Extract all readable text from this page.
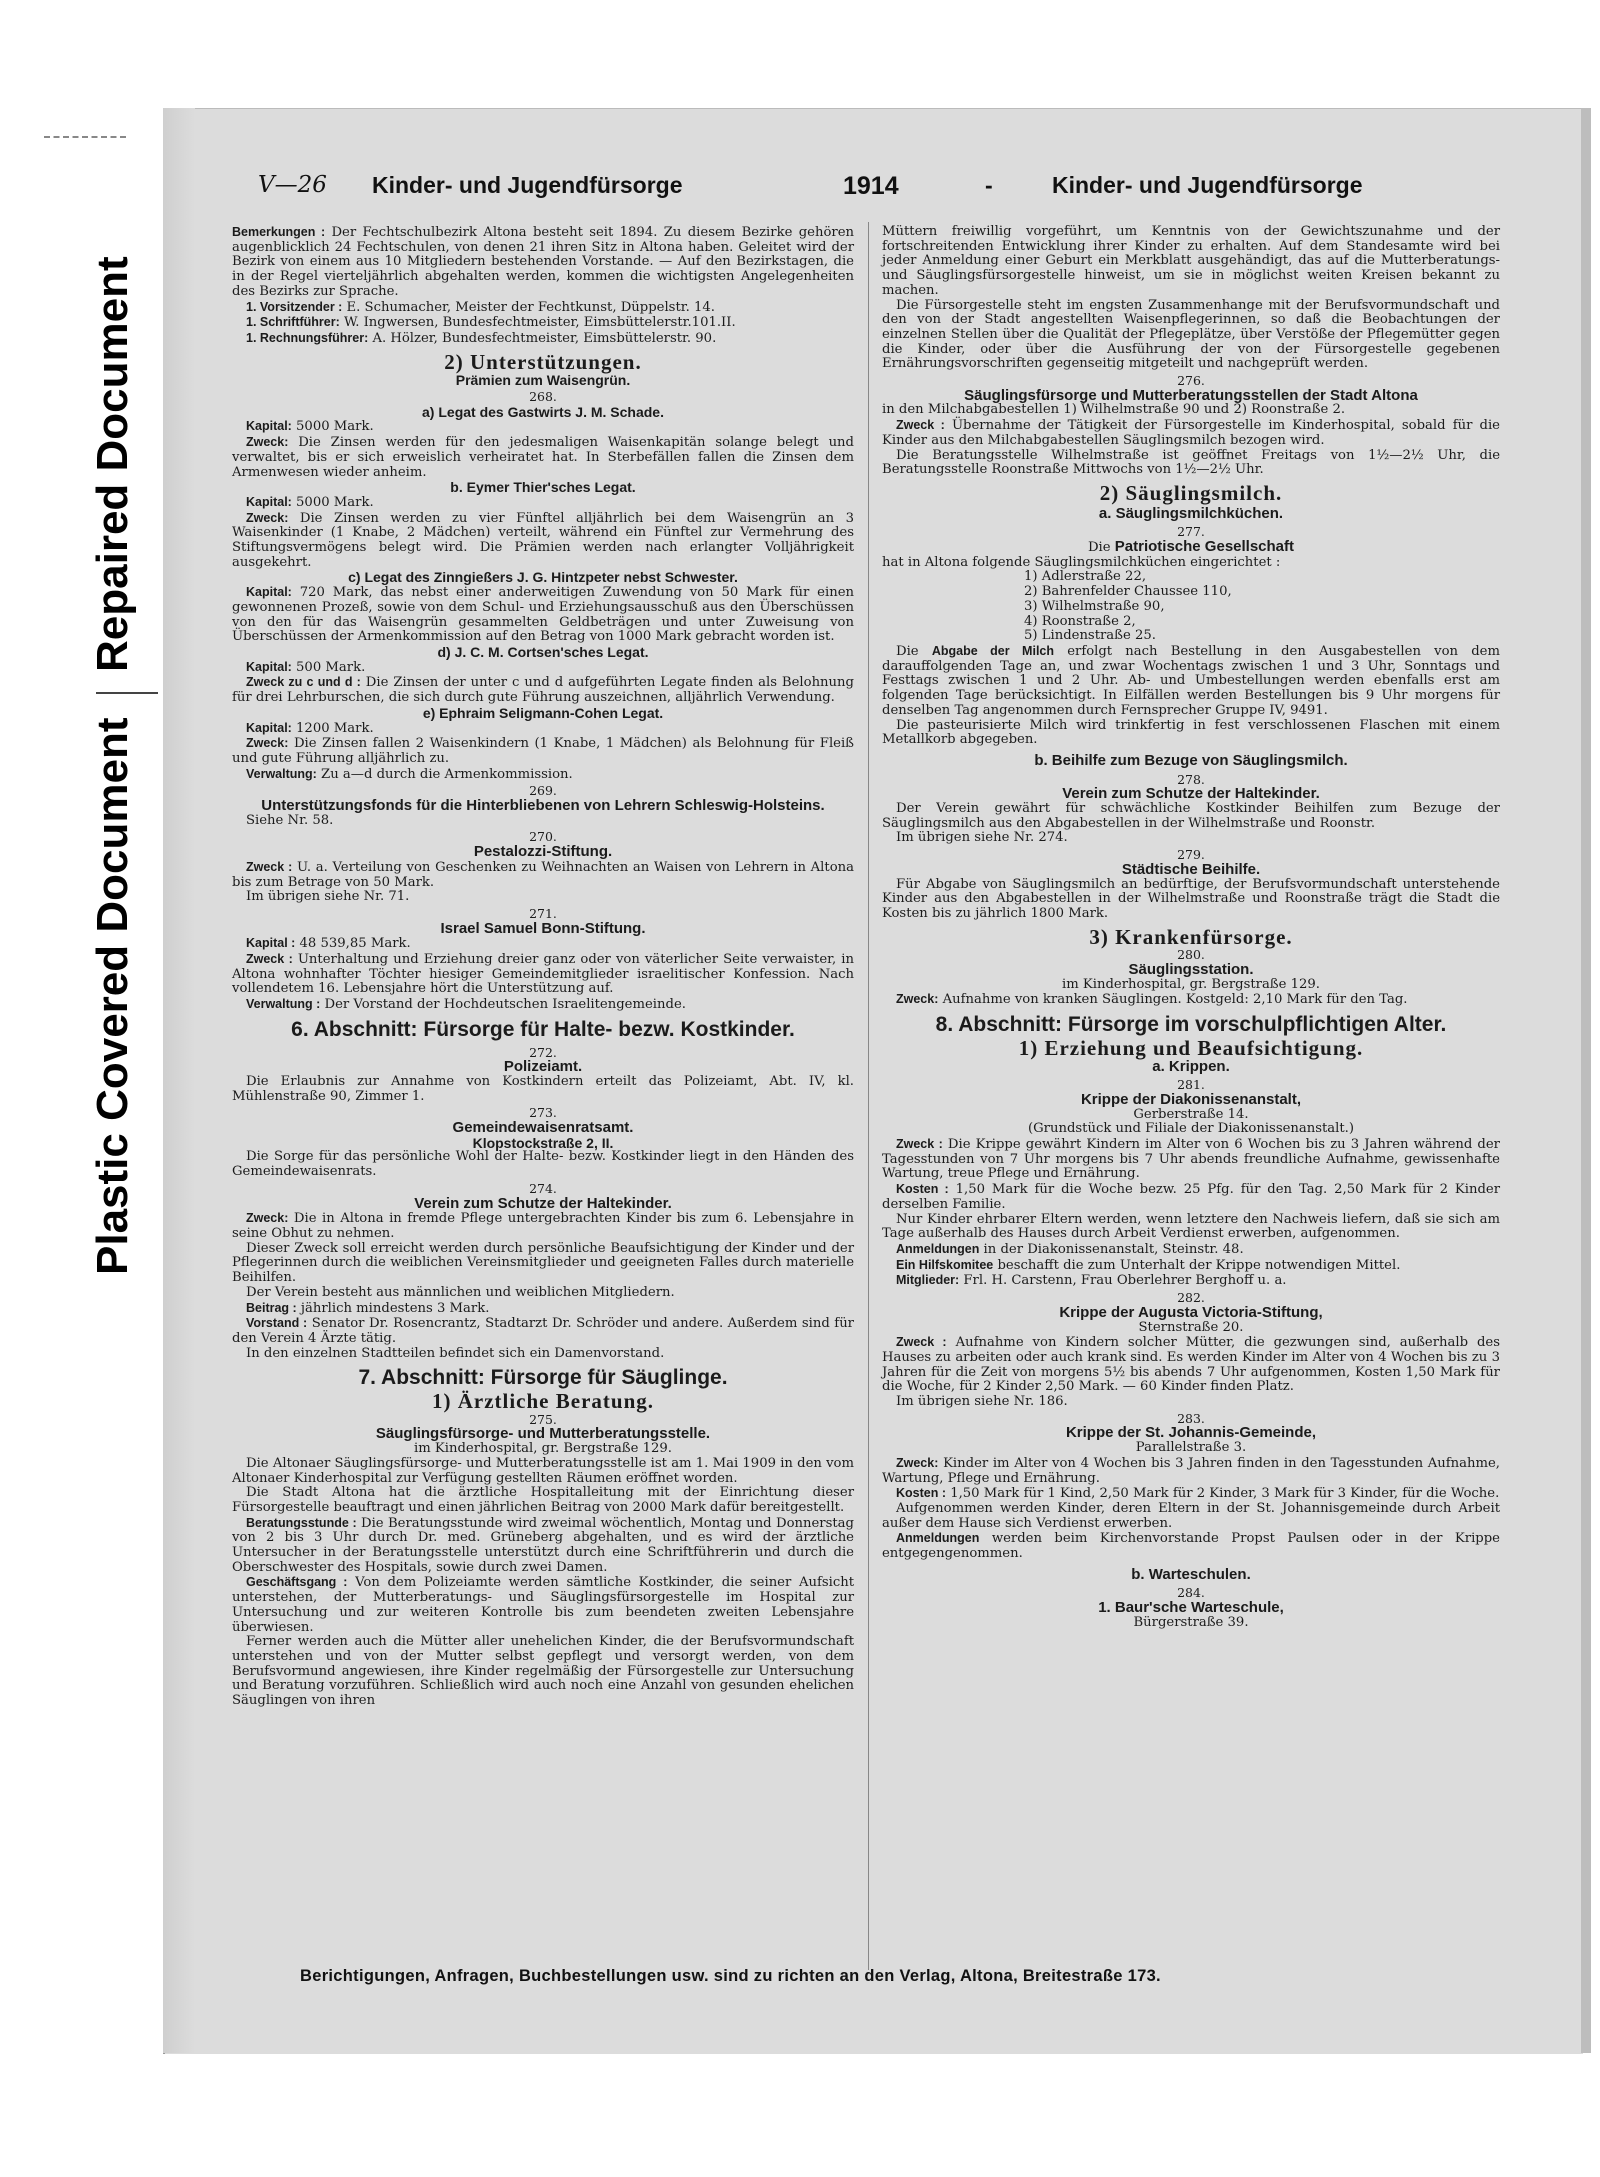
Repaired Document
Plastic Covered Document
V—26 Kinder- und Jugendfürsorge	1914	-	Kinder- und Jugendfürsorge

Bemerkungen : Der Fechtschulbezirk Altona besteht seit 1894. Zu diesem Bezirke gehören augenblicklich 24 Fechtschulen, von denen 21 ihren Sitz in Altona haben. Geleitet wird der Bezirk von einem aus 10 Mitgliedern bestehenden Vorstande. — Auf den Bezirkstagen, die in der Regel vierteljährlich abgehalten werden, kommen die wichtigsten Angelegenheiten des Bezirks zur Sprache.

1. Vorsitzender : E. Schumacher, Meister der Fechtkunst, Düppelstr. 14.

1. Schriftführer: W. Ingwersen, Bundesfechtmeister, Eimsbüttelerstr.101.II.

1. Rechnungsführer: A. Hölzer, Bundesfechtmeister, Eimsbüttelerstr. 90.

2) Unterstützungen.
Prämien zum Waisengrün.
268.
a) Legat des Gastwirts J. M. Schade.

Kapital: 5000 Mark.

Zweck: Die Zinsen werden für den jedesmaligen Waisenkapitän solange belegt und verwaltet, bis er sich erweislich verheiratet hat. In Sterbefällen fallen die Zinsen dem Armenwesen wieder anheim.

b. Eymer Thier'sches Legat.

Kapital: 5000 Mark.

Zweck: Die Zinsen werden zu vier Fünftel alljährlich bei dem Waisengrün an 3 Waisenkinder (1 Knabe, 2 Mädchen) verteilt, während ein Fünftel zur Vermehrung des Stiftungsvermögens belegt wird. Die Prämien werden nach erlangter Volljährigkeit ausgekehrt.

c) Legat des Zinngießers J. G. Hintzpeter nebst Schwester.

Kapital: 720 Mark, das nebst einer anderweitigen Zuwendung von 50 Mark für einen gewonnenen Prozeß, sowie von dem Schul- und Erziehungsausschuß aus den Überschüssen von den für das Waisengrün gesammelten Geldbeträgen und unter Zuweisung von Überschüssen der Armenkommission auf den Betrag von 1000 Mark gebracht worden ist.

d) J. C. M. Cortsen'sches Legat.

Kapital: 500 Mark.

Zweck zu c und d : Die Zinsen der unter c und d aufgeführten Legate finden als Belohnung für drei Lehrburschen, die sich durch gute Führung auszeichnen, alljährlich Verwendung.

e) Ephraim Seligmann-Cohen Legat.

Kapital: 1200 Mark.

Zweck: Die Zinsen fallen 2 Waisenkindern (1 Knabe, 1 Mädchen) als Belohnung für Fleiß und gute Führung alljährlich zu.

Verwaltung: Zu a—d durch die Armenkommission.

269.
Unterstützungsfonds für die Hinterbliebenen von Lehrern Schleswig-Holsteins.

Siehe Nr. 58.

270.
Pestalozzi-Stiftung.

Zweck : U. a. Verteilung von Geschenken zu Weihnachten an Waisen von Lehrern in Altona bis zum Betrage von 50 Mark.

Im übrigen siehe Nr. 71.

271.
Israel Samuel Bonn-Stiftung.

Kapital : 48 539,85 Mark.

Zweck : Unterhaltung und Erziehung dreier ganz oder von väterlicher Seite verwaister, in Altona wohnhafter Töchter hiesiger Gemeindemitglieder israelitischer Konfession. Nach vollendetem 16. Lebensjahre hört die Unterstützung auf.

Verwaltung : Der Vorstand der Hochdeutschen Israelitengemeinde.

6. Abschnitt: Fürsorge für Halte- bezw. Kostkinder.
272.
Polizeiamt.

Die Erlaubnis zur Annahme von Kostkindern erteilt das Polizeiamt, Abt. IV, kl. Mühlenstraße 90, Zimmer 1.

273.
Gemeindewaisenratsamt.
Klopstockstraße 2, II.

Die Sorge für das persönliche Wohl der Halte- bezw. Kostkinder liegt in den Händen des Gemeindewaisenrats.

274.
Verein zum Schutze der Haltekinder.

Zweck: Die in Altona in fremde Pflege untergebrachten Kinder bis zum 6. Lebensjahre in seine Obhut zu nehmen.

Dieser Zweck soll erreicht werden durch persönliche Beaufsichtigung der Kinder und der Pflegerinnen durch die weiblichen Vereinsmitglieder und geeigneten Falles durch materielle Beihilfen.

Der Verein besteht aus männlichen und weiblichen Mitgliedern.

Beitrag : jährlich mindestens 3 Mark.

Vorstand : Senator Dr. Rosencrantz, Stadtarzt Dr. Schröder und andere. Außerdem sind für den Verein 4 Ärzte tätig.

In den einzelnen Stadtteilen befindet sich ein Damenvorstand.

7. Abschnitt: Fürsorge für Säuglinge.
1) Ärztliche Beratung.
275.
Säuglingsfürsorge- und Mutterberatungsstelle.

im Kinderhospital, gr. Bergstraße 129.

Die Altonaer Säuglingsfürsorge- und Mutterberatungsstelle ist am 1. Mai 1909 in den vom Altonaer Kinderhospital zur Verfügung gestellten Räumen eröffnet worden.

Die Stadt Altona hat die ärztliche Hospitalleitung mit der Einrichtung dieser Fürsorgestelle beauftragt und einen jährlichen Beitrag von 2000 Mark dafür bereitgestellt.

Beratungsstunde : Die Beratungsstunde wird zweimal wöchentlich, Montag und Donnerstag von 2 bis 3 Uhr durch Dr. med. Grüneberg abgehalten, und es wird der ärztliche Untersucher in der Beratungsstelle unterstützt durch eine Schriftführerin und durch die Oberschwester des Hospitals, sowie durch zwei Damen.

Geschäftsgang : Von dem Polizeiamte werden sämtliche Kostkinder, die seiner Aufsicht unterstehen, der Mutterberatungs- und Säuglingsfürsorgestelle im Hospital zur Untersuchung und zur weiteren Kontrolle bis zum beendeten zweiten Lebensjahre überwiesen.

Ferner werden auch die Mütter aller unehelichen Kinder, die der Berufsvormundschaft unterstehen und von der Mutter selbst gepflegt und versorgt werden, von dem Berufsvormund angewiesen, ihre Kinder regelmäßig der Fürsorgestelle zur Untersuchung und Beratung vorzuführen. Schließlich wird auch noch eine Anzahl von gesunden ehelichen Säuglingen von ihren

Müttern freiwillig vorgeführt, um Kenntnis von der Gewichtszunahme und der fortschreitenden Entwicklung ihrer Kinder zu erhalten. Auf dem Standesamte wird bei jeder Anmeldung einer Geburt ein Merkblatt ausgehändigt, das auf die Mutterberatungs- und Säuglingsfürsorgestelle hinweist, um sie in möglichst weiten Kreisen bekannt zu machen.

Die Fürsorgestelle steht im engsten Zusammenhange mit der Berufsvormundschaft und den von der Stadt angestellten Waisenpflegerinnen, so daß die Beobachtungen der einzelnen Stellen über die Qualität der Pflegeplätze, über Verstöße der Pflegemütter gegen die Kinder, oder über die Ausführung der von der Fürsorgestelle gegebenen Ernährungsvorschriften gegenseitig mitgeteilt und nachgeprüft werden.

276.
Säuglingsfürsorge und Mutterberatungsstellen der Stadt Altona

in den Milchabgabestellen 1) Wilhelmstraße 90 und 2) Roonstraße 2.

Zweck : Übernahme der Tätigkeit der Fürsorgestelle im Kinderhospital, sobald für die Kinder aus den Milchabgabestellen Säuglingsmilch bezogen wird.

Die Beratungsstelle Wilhelmstraße ist geöffnet Freitags von 1½—2½ Uhr, die Beratungsstelle Roonstraße Mittwochs von 1½—2½ Uhr.

2) Säuglingsmilch.
a. Säuglingsmilchküchen.
277.
Die Patriotische Gesellschaft

hat in Altona folgende Säuglingsmilchküchen eingerichtet :

1) Adlerstraße 22,
2) Bahrenfelder Chaussee 110,
3) Wilhelmstraße 90,
4) Roonstraße 2,
5) Lindenstraße 25.

Die Abgabe der Milch erfolgt nach Bestellung in den Ausgabestellen von dem darauffolgenden Tage an, und zwar Wochentags zwischen 1 und 3 Uhr, Sonntags und Festtags zwischen 1 und 2 Uhr. Ab- und Umbestellungen werden ebenfalls erst am folgenden Tage berücksichtigt. In Eilfällen werden Bestellungen bis 9 Uhr morgens für denselben Tag angenommen durch Fernsprecher Gruppe IV, 9491.

Die pasteurisierte Milch wird trinkfertig in fest verschlossenen Flaschen mit einem Metallkorb abgegeben.

b. Beihilfe zum Bezuge von Säuglingsmilch.
278.
Verein zum Schutze der Haltekinder.

Der Verein gewährt für schwächliche Kostkinder Beihilfen zum Bezuge der Säuglingsmilch aus den Abgabestellen in der Wilhelmstraße und Roonstr.

Im übrigen siehe Nr. 274.

279.
Städtische Beihilfe.

Für Abgabe von Säuglingsmilch an bedürftige, der Berufsvormundschaft unterstehende Kinder aus den Abgabestellen in der Wilhelmstraße und Roonstraße trägt die Stadt die Kosten bis zu jährlich 1800 Mark.

3) Krankenfürsorge.
280.
Säuglingsstation.

im Kinderhospital, gr. Bergstraße 129.

Zweck: Aufnahme von kranken Säuglingen. Kostgeld: 2,10 Mark für den Tag.

8. Abschnitt: Fürsorge im vorschulpflichtigen Alter.
1) Erziehung und Beaufsichtigung.
a. Krippen.
281.
Krippe der Diakonissenanstalt,

Gerberstraße 14.

(Grundstück und Filiale der Diakonissenanstalt.)

Zweck : Die Krippe gewährt Kindern im Alter von 6 Wochen bis zu 3 Jahren während der Tagesstunden von 7 Uhr morgens bis 7 Uhr abends freundliche Aufnahme, gewissenhafte Wartung, treue Pflege und Ernährung.

Kosten : 1,50 Mark für die Woche bezw. 25 Pfg. für den Tag. 2,50 Mark für 2 Kinder derselben Familie.

Nur Kinder ehrbarer Eltern werden, wenn letztere den Nachweis liefern, daß sie sich am Tage außerhalb des Hauses durch Arbeit Verdienst erwerben, aufgenommen.

Anmeldungen in der Diakonissenanstalt, Steinstr. 48.

Ein Hilfskomitee beschafft die zum Unterhalt der Krippe notwendigen Mittel.

Mitglieder: Frl. H. Carstenn, Frau Oberlehrer Berghoff u. a.

282.
Krippe der Augusta Victoria-Stiftung,

Sternstraße 20.

Zweck : Aufnahme von Kindern solcher Mütter, die gezwungen sind, außerhalb des Hauses zu arbeiten oder auch krank sind. Es werden Kinder im Alter von 4 Wochen bis zu 3 Jahren für die Zeit von morgens 5½ bis abends 7 Uhr aufgenommen, Kosten 1,50 Mark für die Woche, für 2 Kinder 2,50 Mark. — 60 Kinder finden Platz.

Im übrigen siehe Nr. 186.

283.
Krippe der St. Johannis-Gemeinde,

Parallelstraße 3.

Zweck: Kinder im Alter von 4 Wochen bis 3 Jahren finden in den Tagesstunden Aufnahme, Wartung, Pflege und Ernährung.

Kosten : 1,50 Mark für 1 Kind, 2,50 Mark für 2 Kinder, 3 Mark für 3 Kinder, für die Woche.

Aufgenommen werden Kinder, deren Eltern in der St. Johannisgemeinde durch Arbeit außer dem Hause sich Verdienst erwerben.

Anmeldungen werden beim Kirchenvorstande Propst Paulsen oder in der Krippe entgegengenommen.

b. Warteschulen.
284.
1. Baur'sche Warteschule,

Bürgerstraße 39.

Berichtigungen, Anfragen, Buchbestellungen usw. sind zu richten an den Verlag, Altona, Breitestraße 173.
